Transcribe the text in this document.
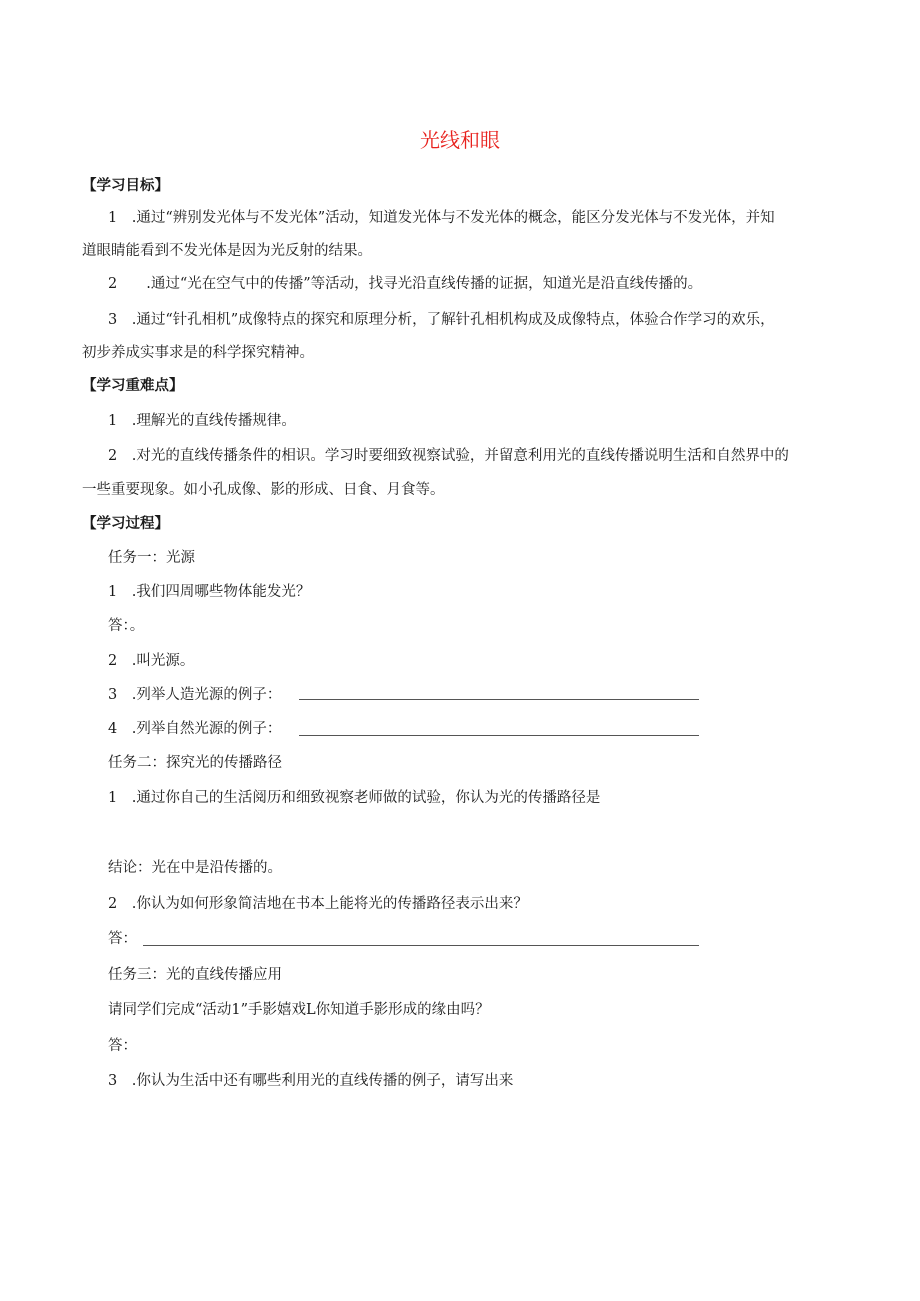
光线和眼
【学习目标】
1　.通过“辨别发光体与不发光体”活动，知道发光体与不发光体的概念，能区分发光体与不发光体，并知
道眼睛能看到不发光体是因为光反射的结果。
2　　.通过“光在空气中的传播”等活动，找寻光沿直线传播的证据，知道光是沿直线传播的。
3　.通过“针孔相机”成像特点的探究和原理分析，了解针孔相机构成及成像特点，体验合作学习的欢乐，
初步养成实事求是的科学探究精神。
【学习重难点】
1　.理解光的直线传播规律。
2　.对光的直线传播条件的相识。学习时要细致视察试验，并留意利用光的直线传播说明生活和自然界中的
一些重要现象。如小孔成像、影的形成、日食、月食等。
【学习过程】
任务一：光源
1　.我们四周哪些物体能发光？
答：。
2　.叫光源。
3　.列举人造光源的例子：
4　.列举自然光源的例子：
任务二：探究光的传播路径
1　.通过你自己的生活阅历和细致视察老师做的试验，你认为光的传播路径是
结论：光在中是沿传播的。
2　.你认为如何形象简洁地在书本上能将光的传播路径表示出来？
答：
任务三：光的直线传播应用
请同学们完成“活动1”手影嬉戏L你知道手影形成的缘由吗？
答：
3　.你认为生活中还有哪些利用光的直线传播的例子，请写出来
